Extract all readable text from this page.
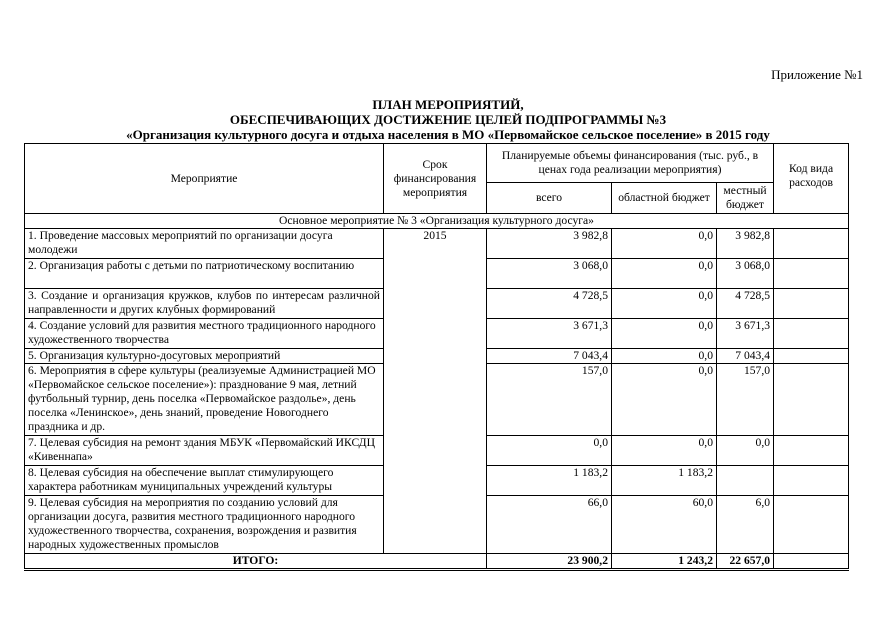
Приложение №1
ПЛАН МЕРОПРИЯТИЙ,
ОБЕСПЕЧИВАЮЩИХ ДОСТИЖЕНИЕ ЦЕЛЕЙ ПОДПРОГРАММЫ №3
«Организация культурного досуга и отдыха населения в МО «Первомайское сельское поселение» в 2015 году
Мероприятие	Срок финансирования мероприятия	Планируемые объемы финансирования (тыс. руб., в ценах года реализации мероприятия)			Код вида расходов
		всего	областной бюджет	местный бюджет	
Основное мероприятие № 3 «Организация культурного досуга»					
1. Проведение массовых мероприятий по организации досуга молодежи	2015	3 982,8	0,0	3 982,8	
2. Организация работы с детьми по патриотическому воспитанию		3 068,0	0,0	3 068,0	
3. Создание и организация кружков, клубов по интересам различной направленности и других клубных формирований		4 728,5	0,0	4 728,5	
4. Создание условий для развития местного традиционного народного художественного творчества		3 671,3	0,0	3 671,3	
5. Организация культурно-досуговых мероприятий		7 043,4	0,0	7 043,4	
6. Мероприятия в сфере культуры (реализуемые Администрацией МО «Первомайское сельское поселение»): празднование 9 мая, летний футбольный турнир, день поселка «Первомайское раздолье», день поселка «Ленинское», день знаний, проведение Новогоднего праздника и др.		157,0	0,0	157,0	
7. Целевая субсидия на ремонт здания МБУК «Первомайский ИКСДЦ «Кивеннапа»		0,0	0,0	0,0	
8. Целевая субсидия на обеспечение выплат стимулирующего характера работникам муниципальных учреждений культуры		1 183,2	1 183,2		
9. Целевая субсидия на мероприятия по созданию условий для организации досуга, развития местного традиционного народного художественного творчества, сохранения, возрождения и развития народных художественных промыслов		66,0	60,0	6,0	
ИТОГО:		23 900,2	1 243,2	22 657,0	
